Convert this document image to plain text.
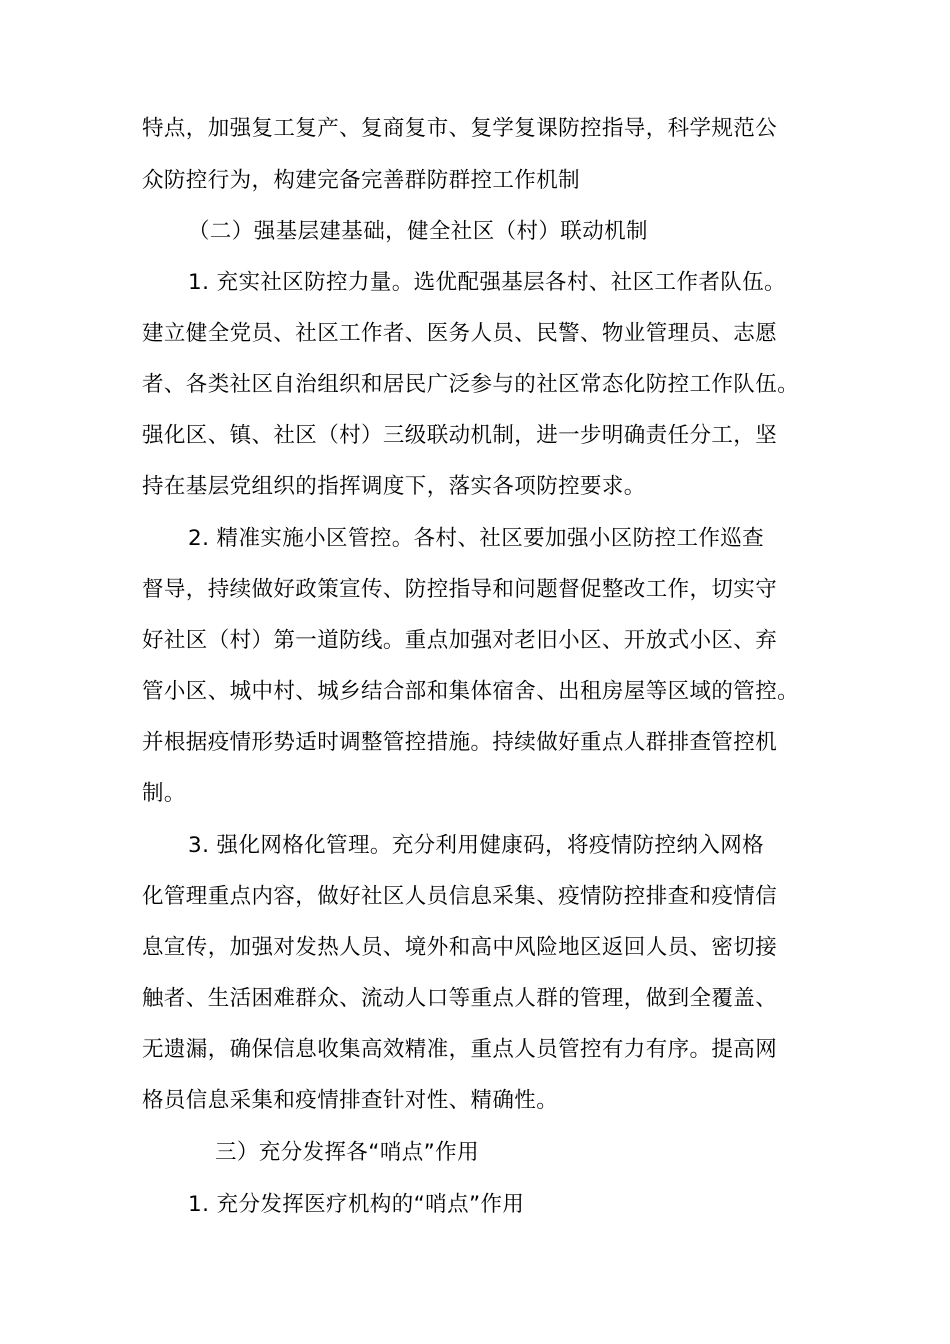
特点，加强复工复产、复商复市、复学复课防控指导，科学规范公

众防控行为，构建完备完善群防群控工作机制

（二）强基层建基础，健全社区（村）联动机制

1. 充实社区防控力量。选优配强基层各村、社区工作者队伍。

建立健全党员、社区工作者、医务人员、民警、物业管理员、志愿

者、各类社区自治组织和居民广泛参与的社区常态化防控工作队伍。

强化区、镇、社区（村）三级联动机制，进一步明确责任分工，坚

持在基层党组织的指挥调度下，落实各项防控要求。

2. 精准实施小区管控。各村、社区要加强小区防控工作巡查

督导，持续做好政策宣传、防控指导和问题督促整改工作，切实守

好社区（村）第一道防线。重点加强对老旧小区、开放式小区、弃

管小区、城中村、城乡结合部和集体宿舍、出租房屋等区域的管控。

并根据疫情形势适时调整管控措施。持续做好重点人群排查管控机

制。

3. 强化网格化管理。充分利用健康码，将疫情防控纳入网格

化管理重点内容，做好社区人员信息采集、疫情防控排查和疫情信

息宣传，加强对发热人员、境外和高中风险地区返回人员、密切接

触者、生活困难群众、流动人口等重点人群的管理，做到全覆盖、

无遗漏，确保信息收集高效精准，重点人员管控有力有序。提高网

格员信息采集和疫情排查针对性、精确性。

三）充分发挥各“哨点”作用

1. 充分发挥医疗机构的“哨点”作用
